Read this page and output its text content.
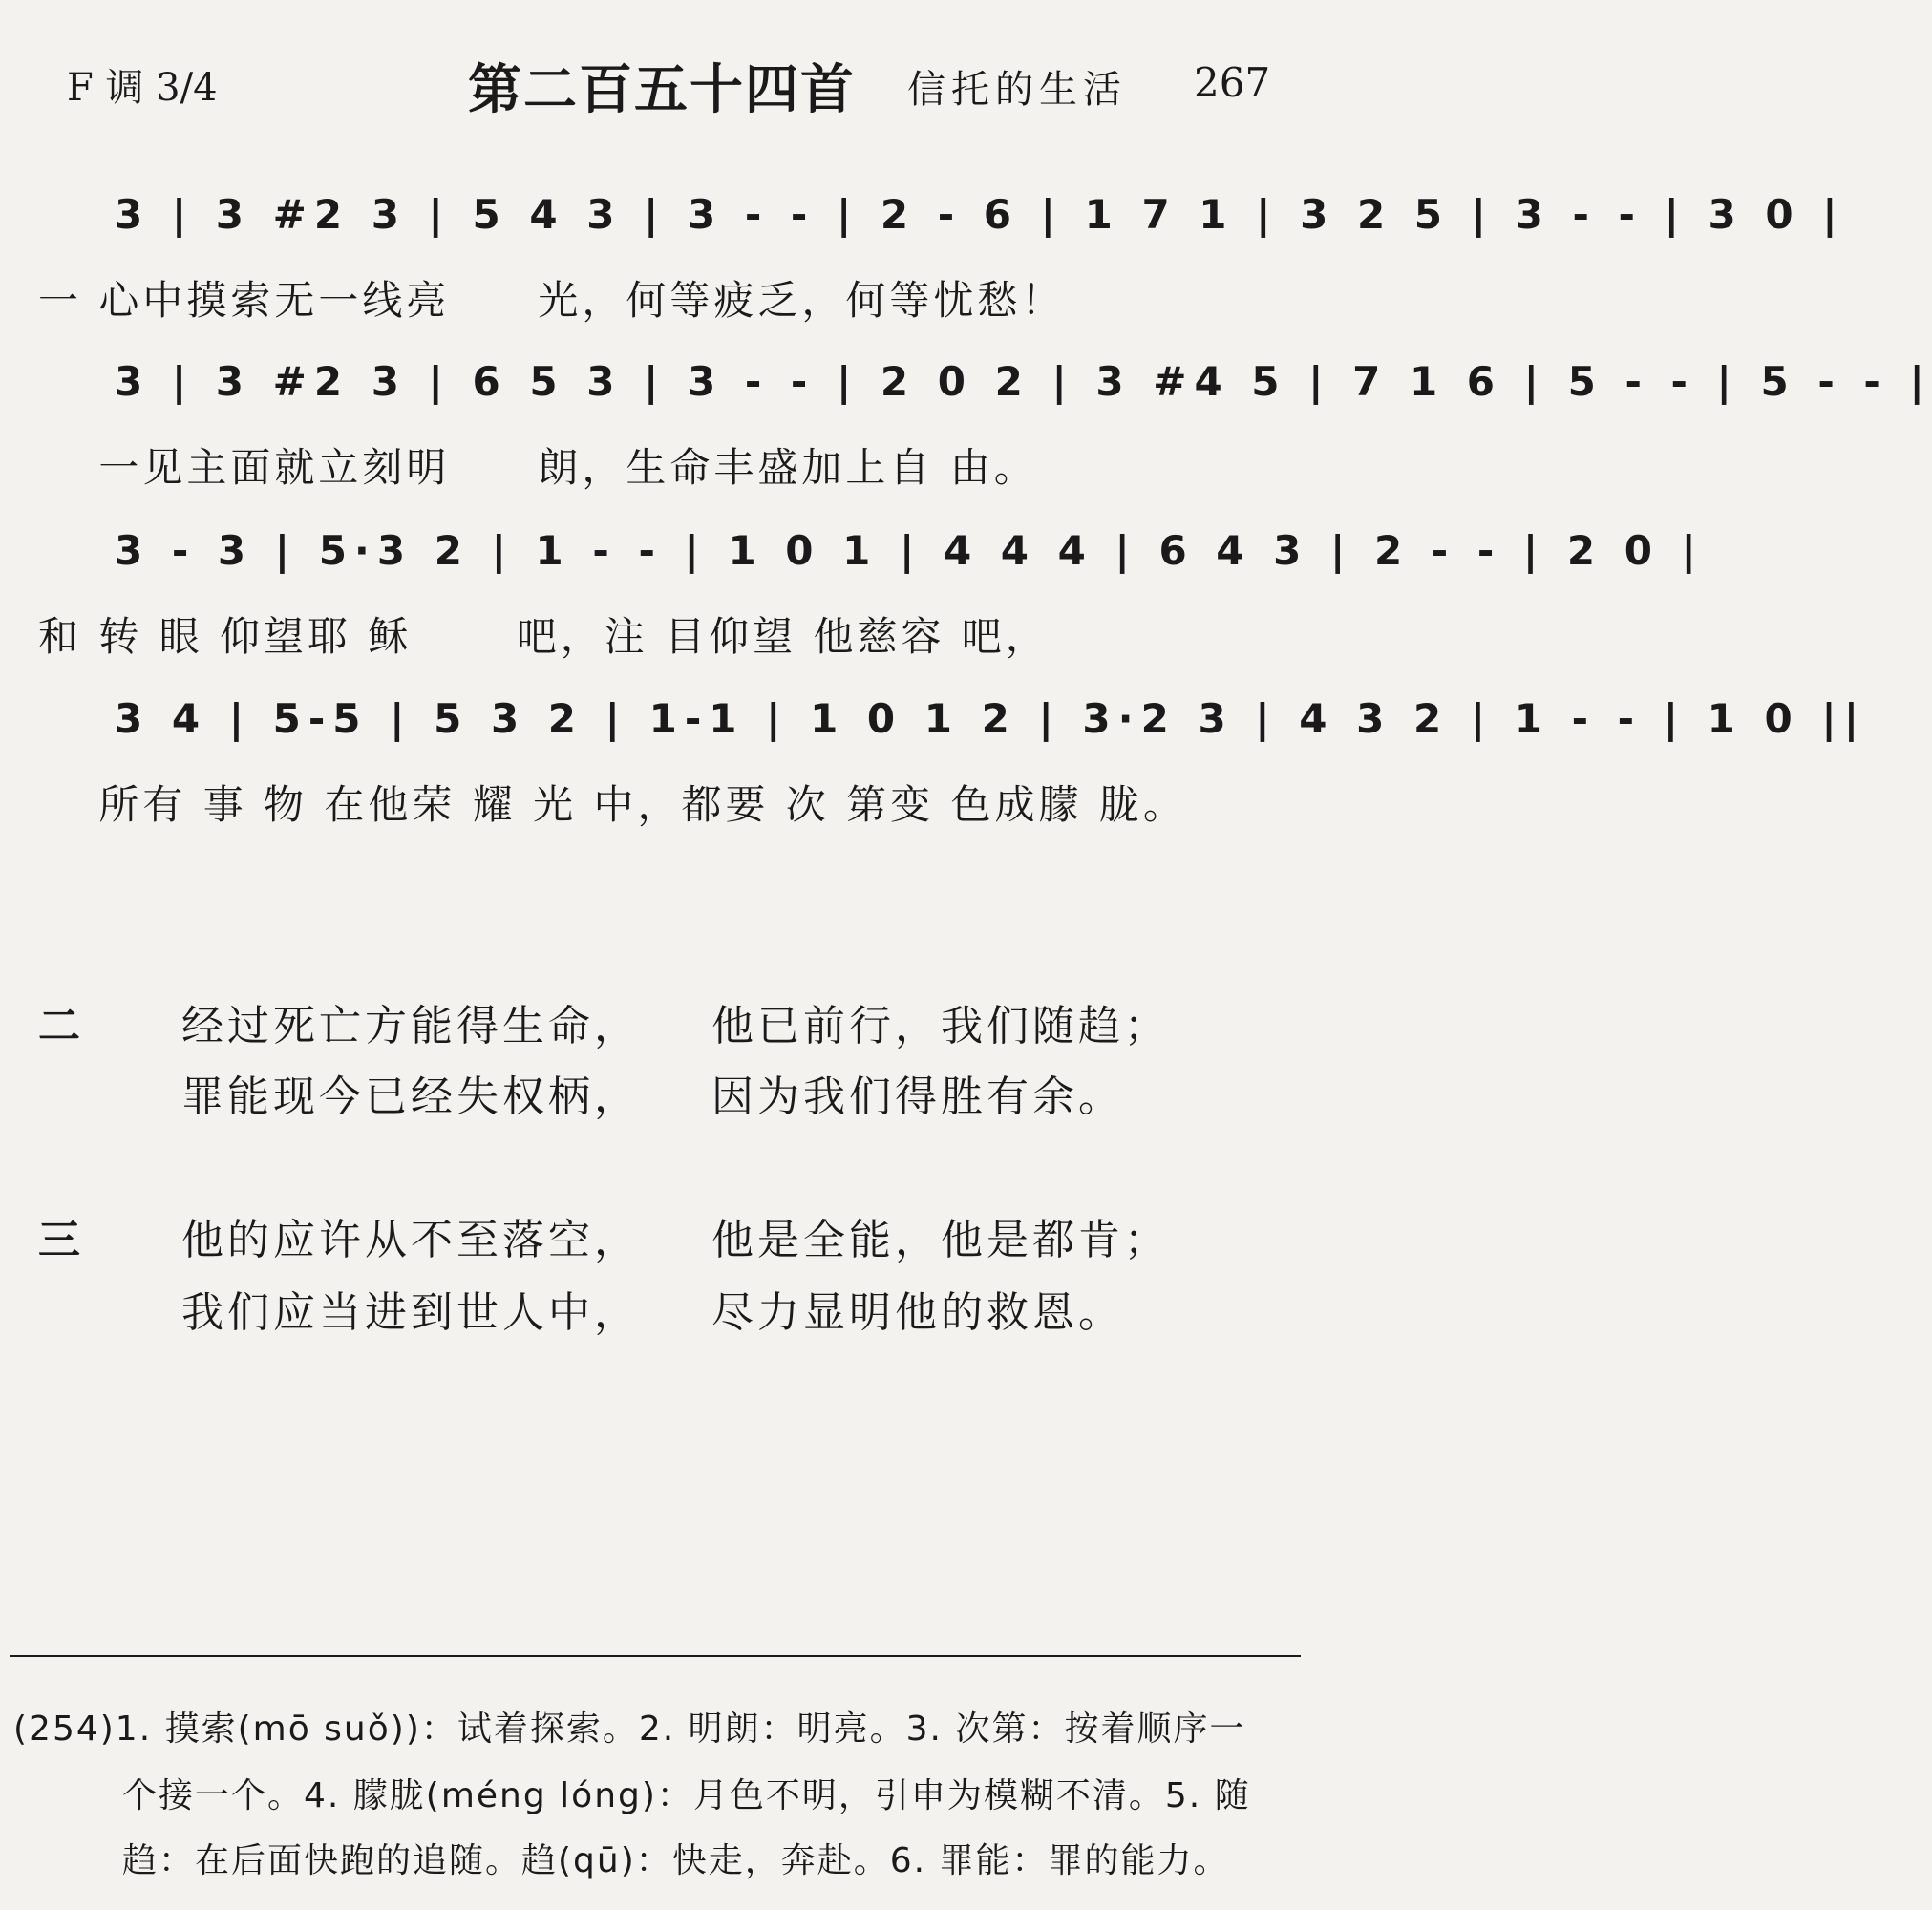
F 调 3/4	第二百五十四首 信托的生活 267
3 | 3 #2 3 | 5 4 3 | 3 - - | 2 - 6 | 1 7 1 | 3 2 5 | 3 - - | 3 0 |
一 心中摸索无一线亮　　光，何等疲乏，何等忧愁！
3 | 3 #2 3 | 6 5 3 | 3 - - | 2 0 2 | 3 #4 5 | 7 1 6 | 5 - - | 5 - - |
　 一见主面就立刻明　　朗，生命丰盛加上自 由。
3 - 3 | 5·3 2 | 1 - - | 1 0 1 | 4 4 4 | 6 4 3 | 2 - - | 2 0 |
和 转 眼 仰望耶 稣　　 吧，注 目仰望 他慈容 吧，
3 4 | 5-5 | 5 3 2 | 1-1 | 1 0 1 2 | 3·2 3 | 4 3 2 | 1 - - | 1 0 ||
　 所有 事 物 在他荣 耀 光 中，都要 次 第变 色成朦 胧。
二 经过死亡方能得生命， 他已前行，我们随趋；
罪能现今已经失权柄， 因为我们得胜有余。
三 他的应许从不至落空， 他是全能，他是都肯；
我们应当进到世人中， 尽力显明他的救恩。
(254)1. 摸索(mō suǒ))：试着探索。2. 明朗：明亮。3. 次第：按着顺序一
个接一个。4. 朦胧(méng lóng)：月色不明，引申为模糊不清。5. 随
趋：在后面快跑的追随。趋(qū)：快走，奔赴。6. 罪能：罪的能力。
